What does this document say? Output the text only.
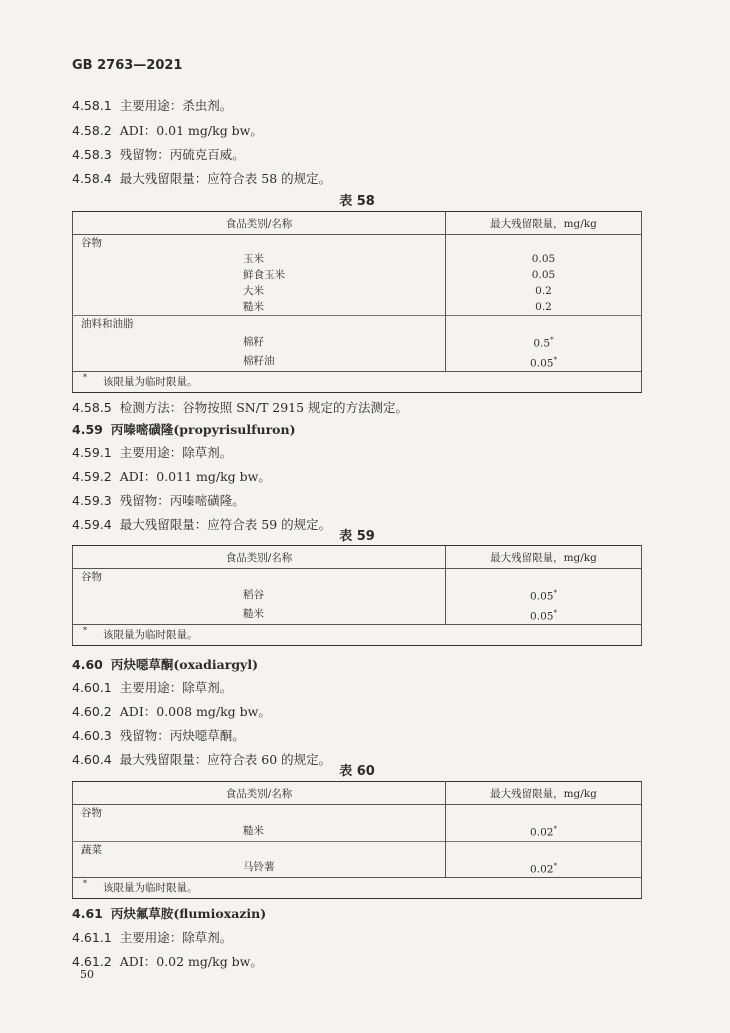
GB 2763—2021
4.58.1 主要用途：杀虫剂。
4.58.2 ADI：0.01 mg/kg bw。
4.58.3 残留物：丙硫克百威。
4.58.4 最大残留限量：应符合表 58 的规定。
表 58
食品类别/名称	最大残留限量，mg/kg
谷物	
玉米	0.05
鲜食玉米	0.05
大米	0.2
糙米	0.2
油料和油脂	
棉籽	0.5*
棉籽油	0.05*

* 该限量为临时限量。	
4.58.5 检测方法：谷物按照 SN/T 2915 规定的方法测定。
4.59 丙嗪嘧磺隆(propyrisulfuron)
4.59.1 主要用途：除草剂。
4.59.2 ADI：0.011 mg/kg bw。
4.59.3 残留物：丙嗪嘧磺隆。
4.59.4 最大残留限量：应符合表 59 的规定。
表 59
食品类别/名称	最大残留限量，mg/kg
谷物	
稻谷	0.05*
糙米	0.05*

* 该限量为临时限量。	
4.60 丙炔噁草酮(oxadiargyl)
4.60.1 主要用途：除草剂。
4.60.2 ADI：0.008 mg/kg bw。
4.60.3 残留物：丙炔噁草酮。
4.60.4 最大残留限量：应符合表 60 的规定。
表 60
食品类别/名称	最大残留限量，mg/kg
谷物	
糙米	0.02*
蔬菜	
马铃薯	0.02*

* 该限量为临时限量。	
4.61 丙炔氟草胺(flumioxazin)
4.61.1 主要用途：除草剂。
4.61.2 ADI：0.02 mg/kg bw。
50
